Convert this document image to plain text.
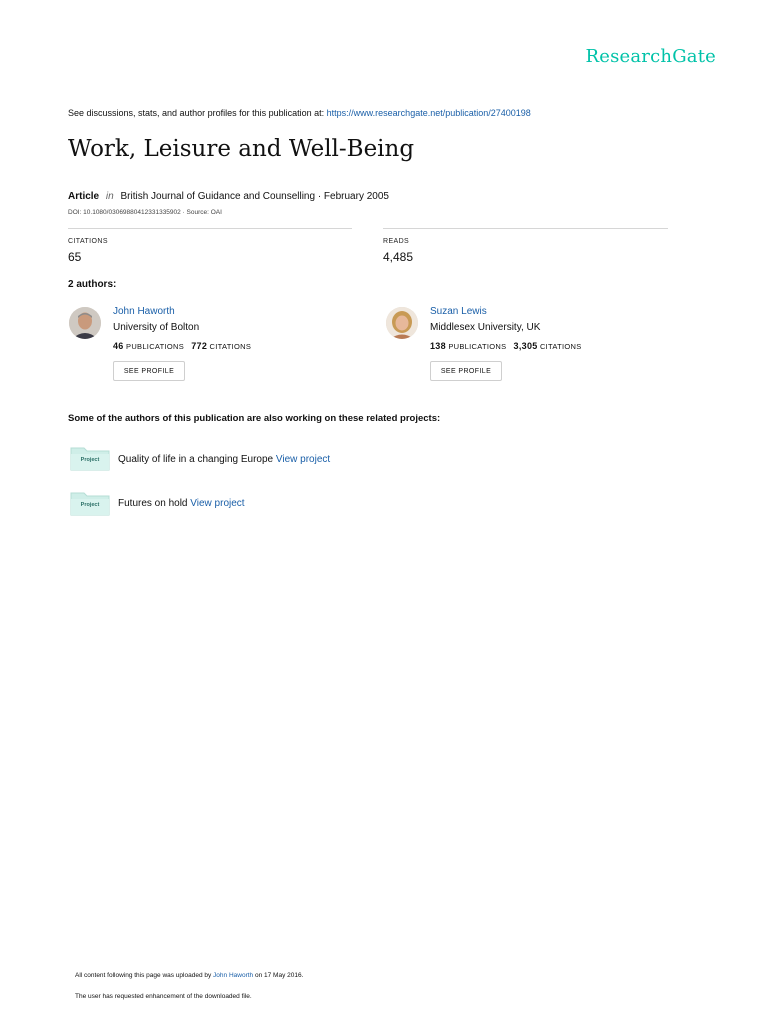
ResearchGate
See discussions, stats, and author profiles for this publication at: https://www.researchgate.net/publication/27400198
Work, Leisure and Well-Being
Article in British Journal of Guidance and Counselling · February 2005
DOI: 10.1080/03069880412331335902 · Source: OAI
CITATIONS
65
READS
4,485
2 authors:
John Haworth
University of Bolton
46 PUBLICATIONS 772 CITATIONS
SEE PROFILE
Suzan Lewis
Middlesex University, UK
138 PUBLICATIONS 3,305 CITATIONS
SEE PROFILE
Some of the authors of this publication are also working on these related projects:
Project	Quality of life in a changing Europe View project
Project	Futures on hold View project
All content following this page was uploaded by John Haworth on 17 May 2016.
The user has requested enhancement of the downloaded file.
